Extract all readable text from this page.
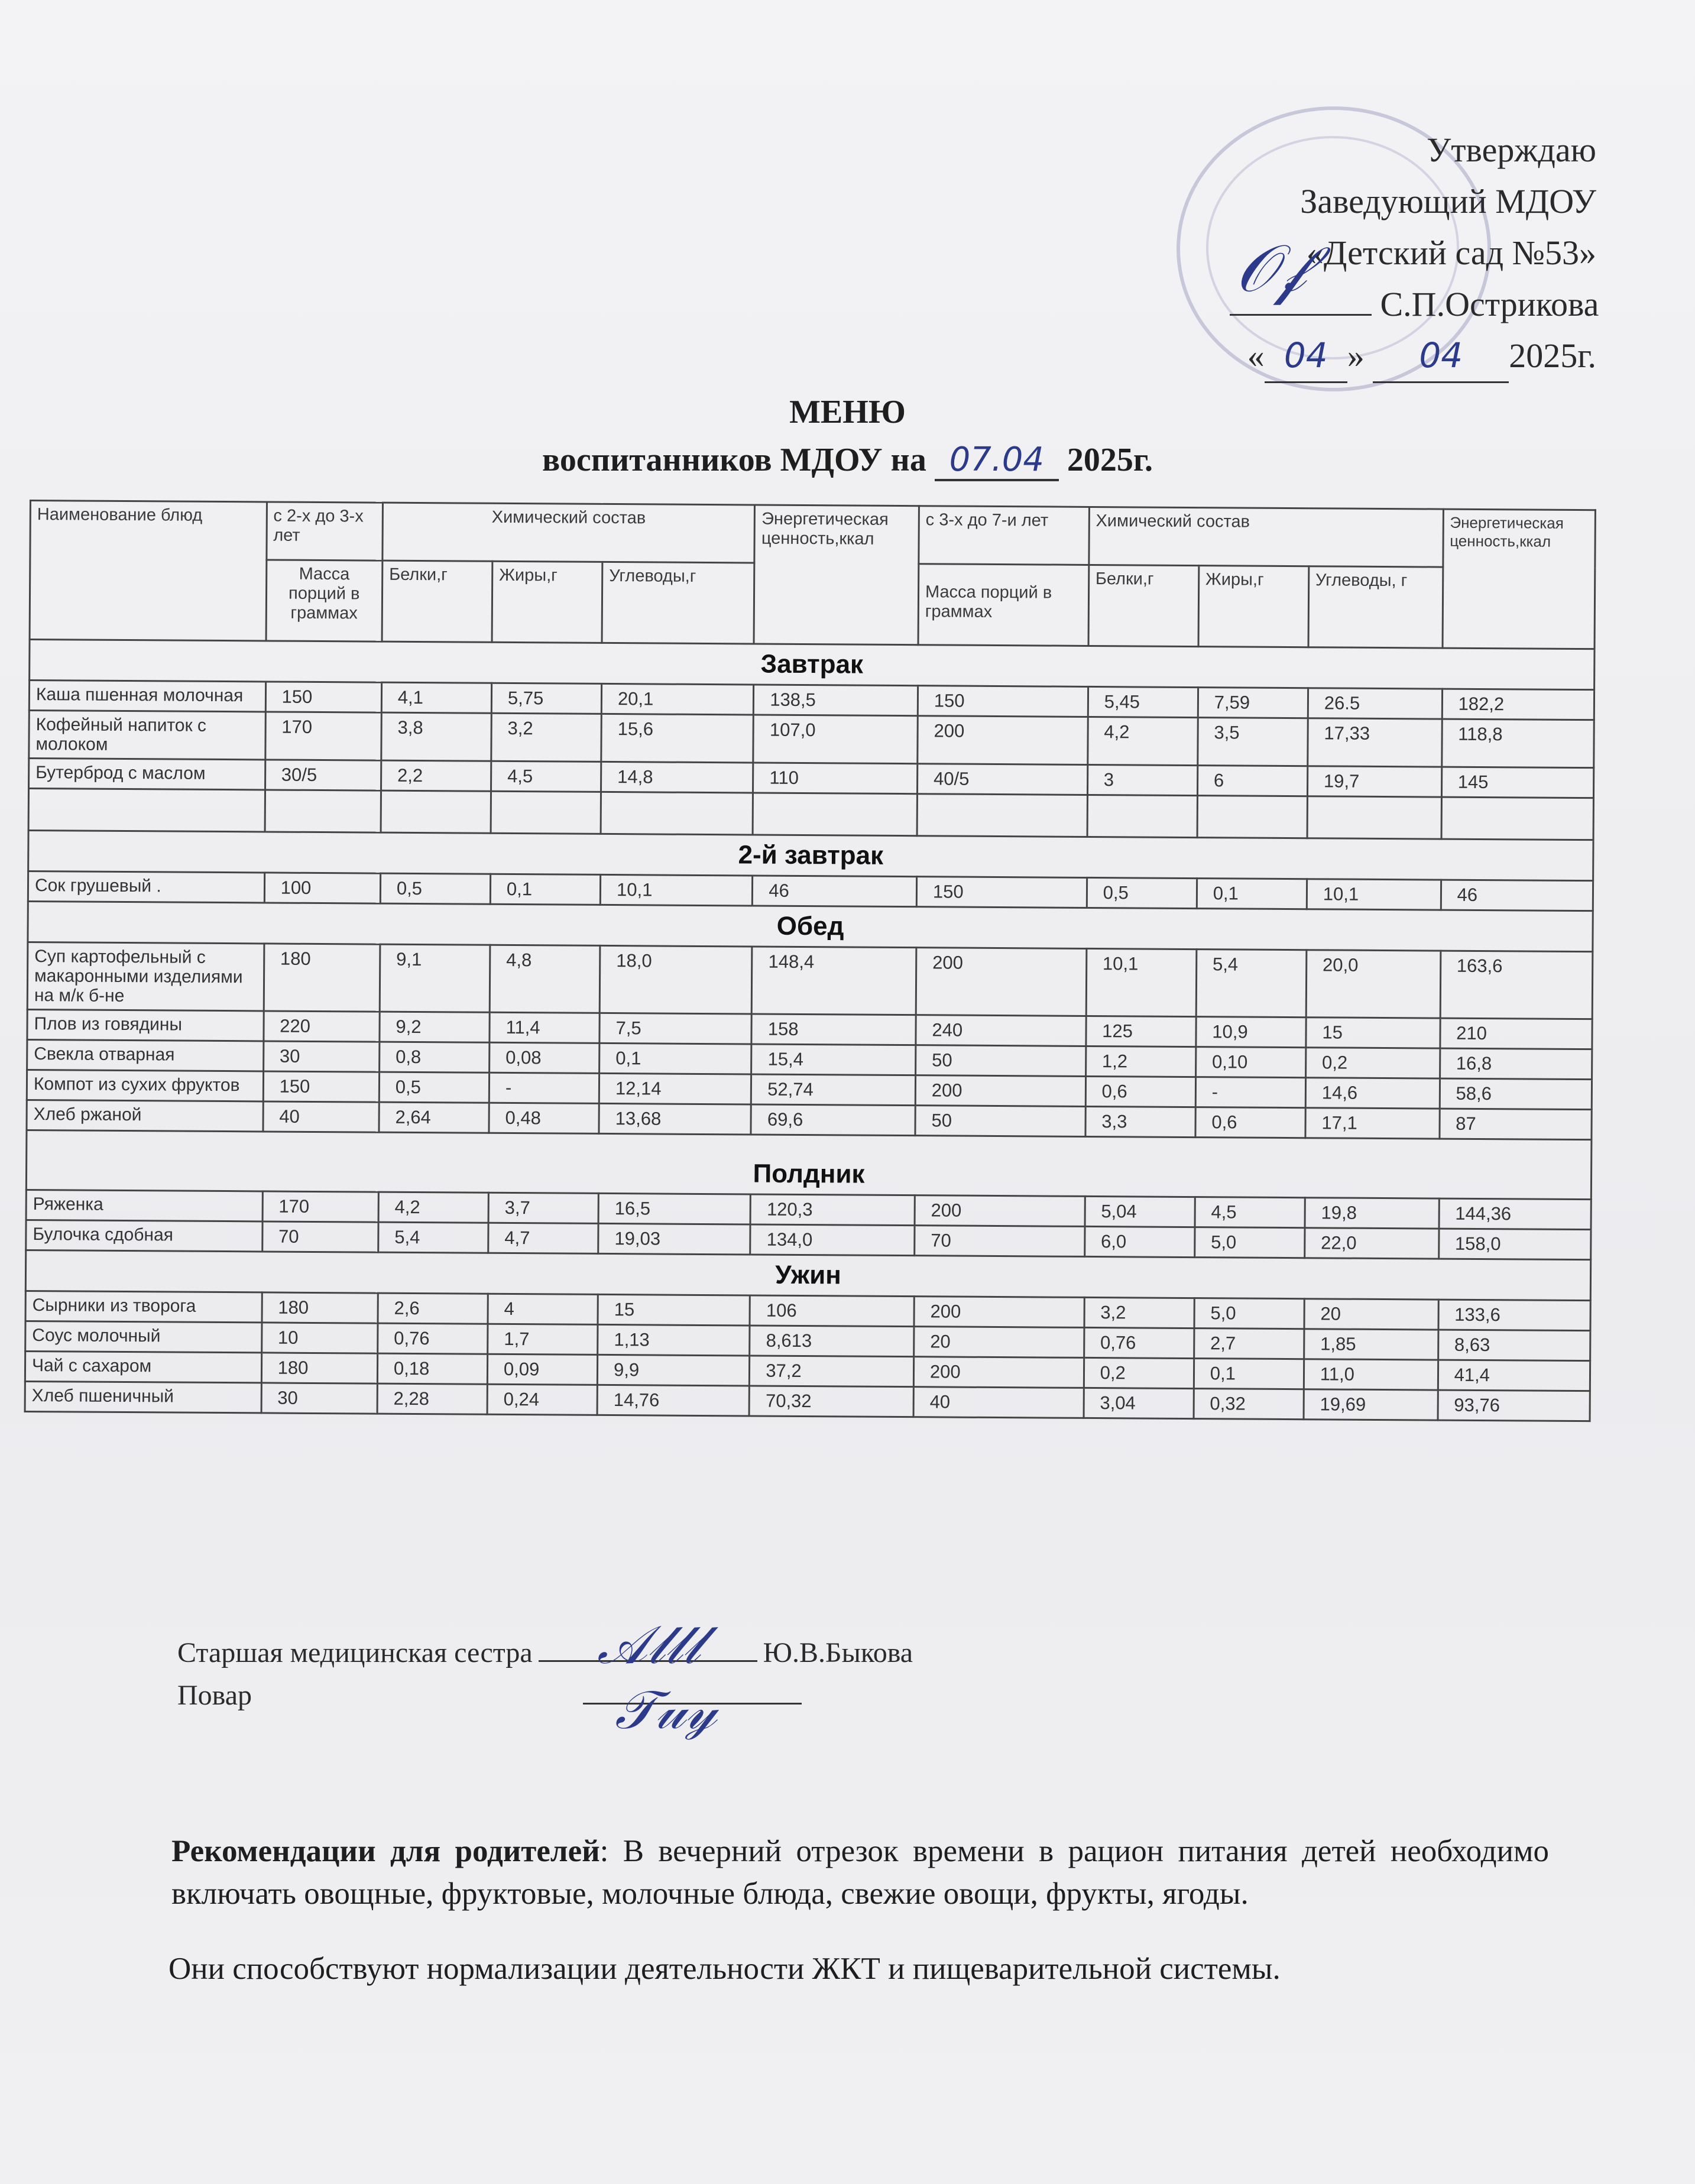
Утверждаю
Заведующий МДОУ
«Детский сад №53»
С.П.Острикова
« 04 » 04 2025г.
𝒪𝒻
МЕНЮ
воспитанников МДОУ на 07.04 2025г.
Наименование блюд	с 2-х до 3-х лет	Химический состав			Энергетическая ценность,ккал	с 3-х до 7-и лет	Химический состав			Энергетическая ценность,ккал
	Масса порций в граммах	Белки,г	Жиры,г	Углеводы,г		Масса порций в граммах	Белки,г	Жиры,г	Углеводы, г	
Завтрак										
Каша пшенная молочная	150	4,1	5,75	20,1	138,5	150	5,45	7,59	26.5	182,2
Кофейный напиток с молоком	170	3,8	3,2	15,6	107,0	200	4,2	3,5	17,33	118,8
Бутерброд с маслом	30/5	2,2	4,5	14,8	110	40/5	3	6	19,7	145

2-й завтрак										
Сок грушевый .	100	0,5	0,1	10,1	46	150	0,5	0,1	10,1	46
Обед										
Суп картофельный с макаронными изделиями на м/к б-не	180	9,1	4,8	18,0	148,4	200	10,1	5,4	20,0	163,6
Плов из говядины	220	9,2	11,4	7,5	158	240	125	10,9	15	210
Свекла отварная	30	0,8	0,08	0,1	15,4	50	1,2	0,10	0,2	16,8
Компот из сухих фруктов	150	0,5	-	12,14	52,74	200	0,6	-	14,6	58,6
Хлеб ржаной	40	2,64	0,48	13,68	69,6	50	3,3	0,6	17,1	87
Полдник										
Ряженка	170	4,2	3,7	16,5	120,3	200	5,04	4,5	19,8	144,36
Булочка сдобная	70	5,4	4,7	19,03	134,0	70	6,0	5,0	22,0	158,0
Ужин										
Сырники из творога	180	2,6	4	15	106	200	3,2	5,0	20	133,6
Соус молочный	10	0,76	1,7	1,13	8,613	20	0,76	2,7	1,85	8,63
Чай с сахаром	180	0,18	0,09	9,9	37,2	200	0,2	0,1	11,0	41,4
Хлеб пшеничный	30	2,28	0,24	14,76	70,32	40	3,04	0,32	19,69	93,76
Старшая медицинская сестра	Ю.В.Быкова
Повар
𝒜𝓁𝓁𝓁
𝒯𝓊𝓎
Рекомендации для родителей: В вечерний отрезок времени в рацион питания детей необходимо включать овощные, фруктовые, молочные блюда, свежие овощи, фрукты, ягоды.
Они способствуют нормализации деятельности ЖКТ и пищеварительной системы.
